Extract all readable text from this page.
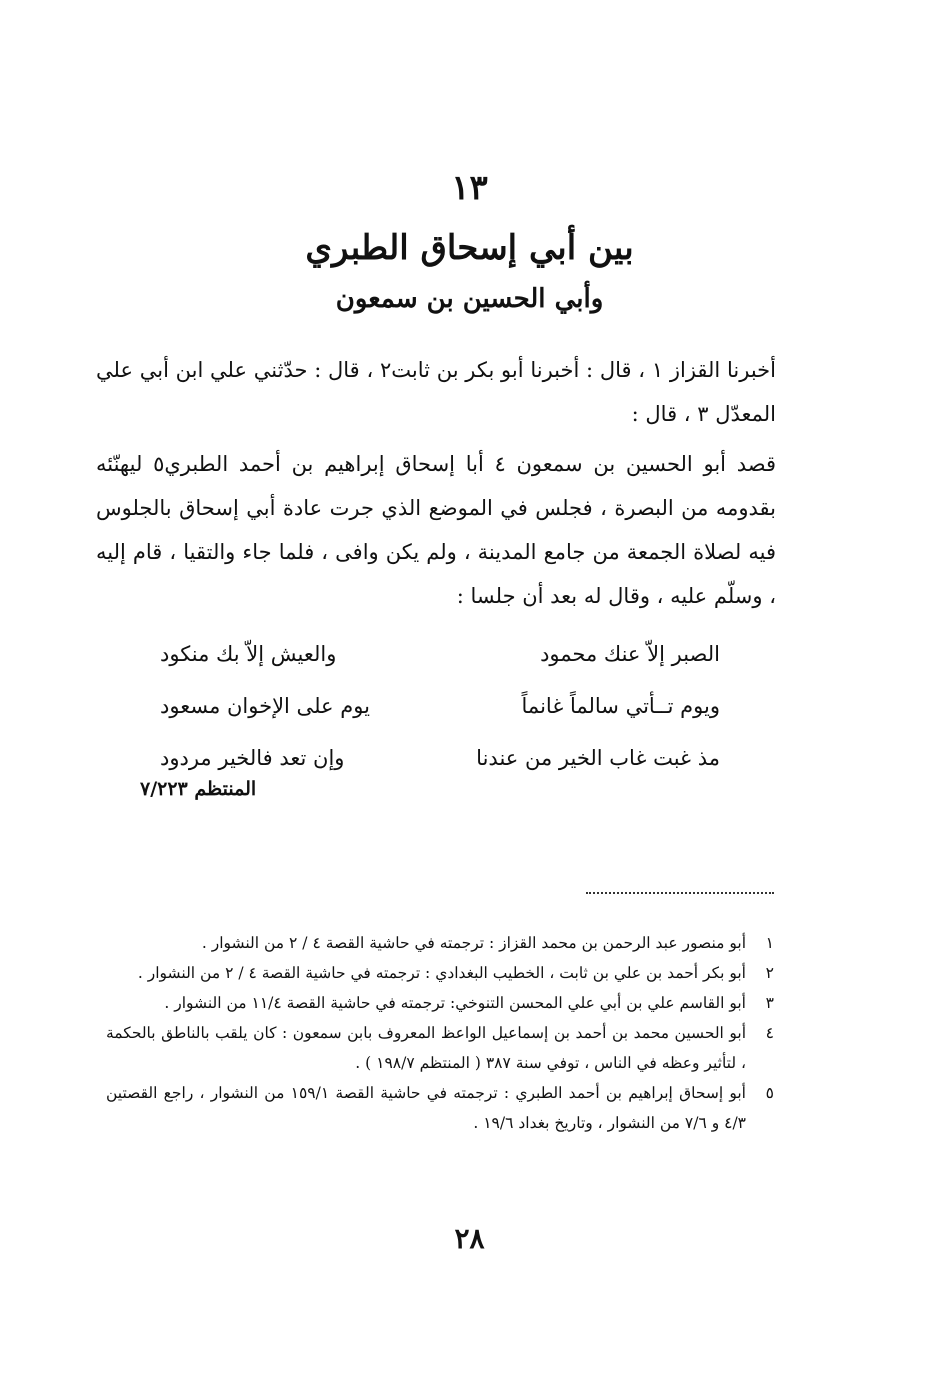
١٣
بين أبي إسحاق الطبري
وأبي الحسين بن سمعون

أخبرنا القزاز ١ ، قال : أخبرنا أبو بكر بن ثابت٢ ، قال : حدّثني علي ابن أبي علي المعدّل ٣ ، قال :

قصد أبو الحسين بن سمعون ٤ أبا إسحاق إبراهيم بن أحمد الطبري٥ ليهنّئه بقدومه من البصرة ، فجلس في الموضع الذي جرت عادة أبي إسحاق بالجلوس فيه لصلاة الجمعة من جامع المدينة ، ولم يكن وافى ، فلما جاء والتقيا ، قام إليه ، وسلّم عليه ، وقال له بعد أن جلسا :

الصبر إلاّ عنك محمود
والعيش إلاّ بك منكود
ويوم تــأتي سالماً غانماً
يوم على الإخوان مسعود
مذ غبت غاب الخير من عندنا
وإن تعد فالخير مردود
المنتظم ٧/٢٢٣
١
أبو منصور عبد الرحمن بن محمد القزاز : ترجمته في حاشية القصة ٤ / ٢ من النشوار .
٢
أبو بكر أحمد بن علي بن ثابت ، الخطيب البغدادي : ترجمته في حاشية القصة ٤ / ٢ من النشوار .
٣
أبو القاسم علي بن أبي علي المحسن التنوخي: ترجمته في حاشية القصة ١١/٤ من النشوار .
٤
أبو الحسين محمد بن أحمد بن إسماعيل الواعظ المعروف بابن سمعون : كان يلقب بالناطق بالحكمة ، لتأثير وعظه في الناس ، توفي سنة ٣٨٧ ( المنتظم ١٩٨/٧ ) .
٥
أبو إسحاق إبراهيم بن أحمد الطبري : ترجمته في حاشية القصة ١٥٩/١ من النشوار ، راجع القصتين ٤/٣ و ٧/٦ من النشوار ، وتاريخ بغداد ١٩/٦ .
٢٨
